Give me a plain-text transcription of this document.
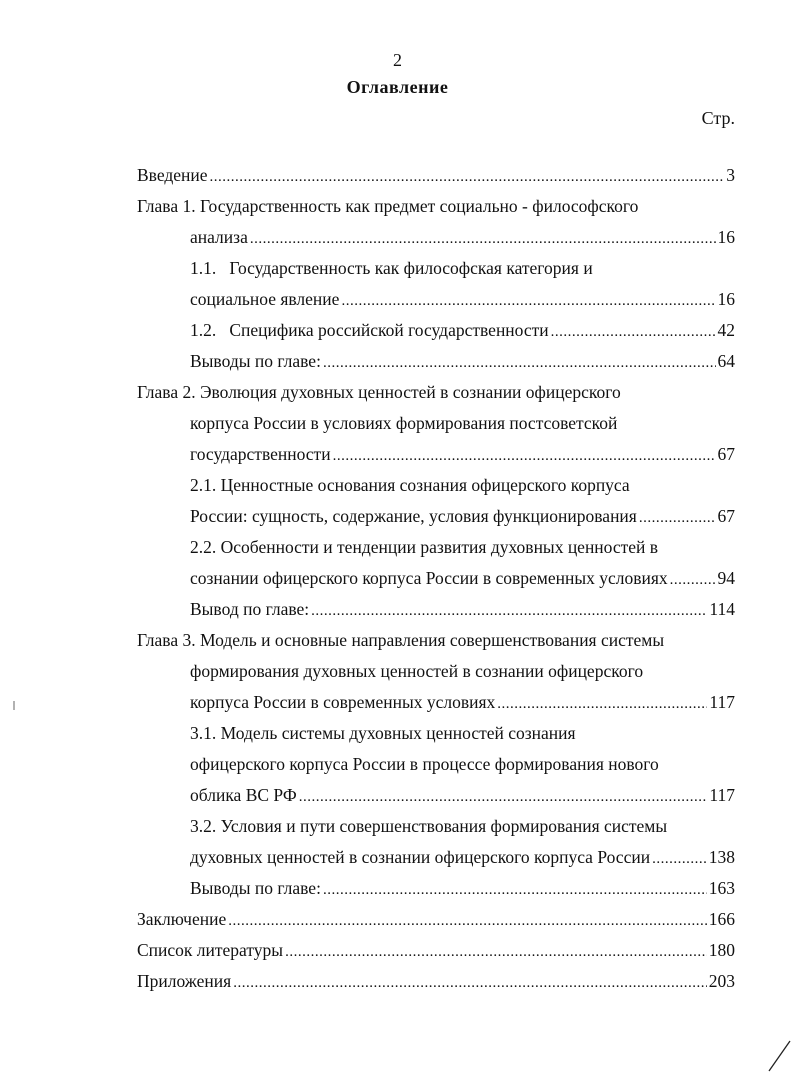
2
Оглавление
Стр.
Введение .....	3
Глава 1. Государственность как предмет социально - философского
анализа .....	16
1.1.   Государственность как философская категория и
социальное явление .....	16
1.2.   Специфика российской государственности .....	42
Выводы по главе: .....	64
Глава 2. Эволюция духовных ценностей в сознании офицерского
корпуса России в условиях формирования постсоветской
государственности .....	67
2.1. Ценностные основания сознания офицерского корпуса
России: сущность, содержание, условия функционирования .....	67
2.2. Особенности и тенденции развития духовных ценностей в
сознании офицерского корпуса России в современных условиях .....	94
Вывод по главе: .....	114
Глава 3. Модель и основные направления совершенствования системы
формирования духовных ценностей в сознании офицерского
корпуса России в современных условиях .....	117
3.1. Модель системы духовных ценностей сознания
офицерского корпуса России в процессе формирования нового
облика ВС РФ .....	117
3.2. Условия и пути совершенствования формирования системы
духовных ценностей в сознании офицерского корпуса России .....	138
Выводы по главе: .....	163
Заключение .....	166
Список литературы .....	180
Приложения .....	203
